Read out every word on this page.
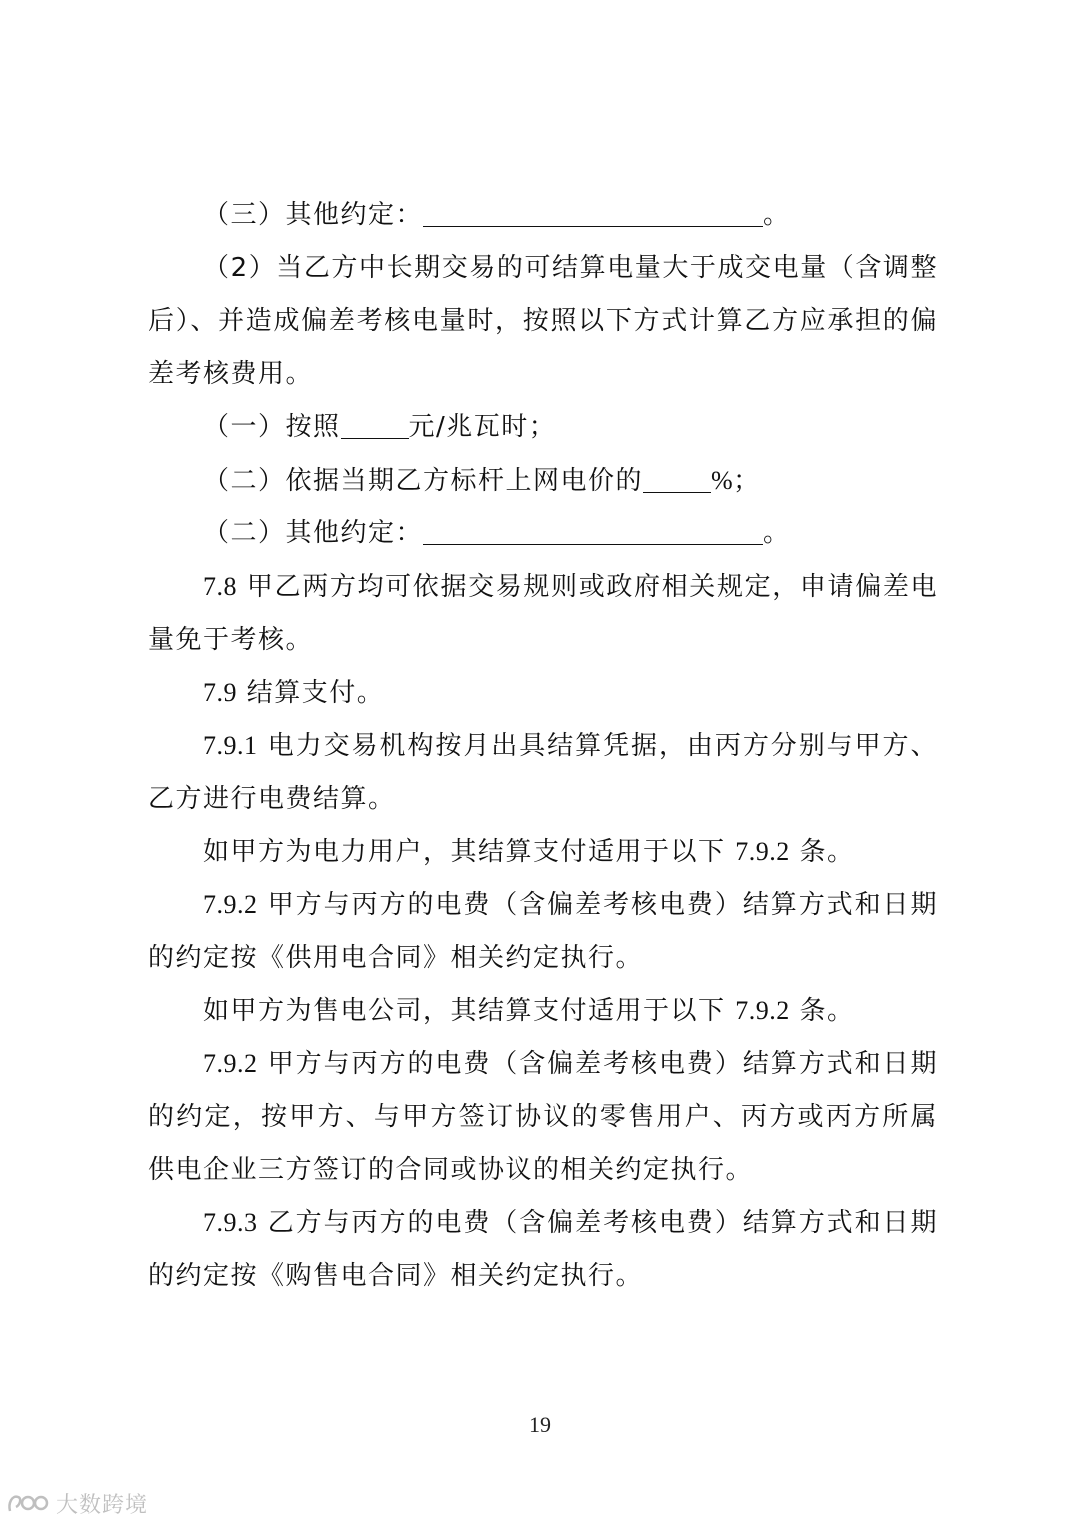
（三）其他约定：	。
（2）当乙方中长期交易的可结算电量大于成交电量（含调整后）、并造成偏差考核电量时，按照以下方式计算乙方应承担的偏差考核费用。
（一）按照	元/兆瓦时；
（二）依据当期乙方标杆上网电价的	%；
（二）其他约定：	。
7.8 甲乙两方均可依据交易规则或政府相关规定，申请偏差电量免于考核。
7.9 结算支付。
7.9.1 电力交易机构按月出具结算凭据，由丙方分别与甲方、乙方进行电费结算。
如甲方为电力用户，其结算支付适用于以下 7.9.2 条。
7.9.2 甲方与丙方的电费（含偏差考核电费）结算方式和日期的约定按《供用电合同》相关约定执行。
如甲方为售电公司，其结算支付适用于以下 7.9.2 条。
7.9.2 甲方与丙方的电费（含偏差考核电费）结算方式和日期的约定，按甲方、与甲方签订协议的零售用户、丙方或丙方所属供电企业三方签订的合同或协议的相关约定执行。
7.9.3 乙方与丙方的电费（含偏差考核电费）结算方式和日期的约定按《购售电合同》相关约定执行。
19
大数跨境
